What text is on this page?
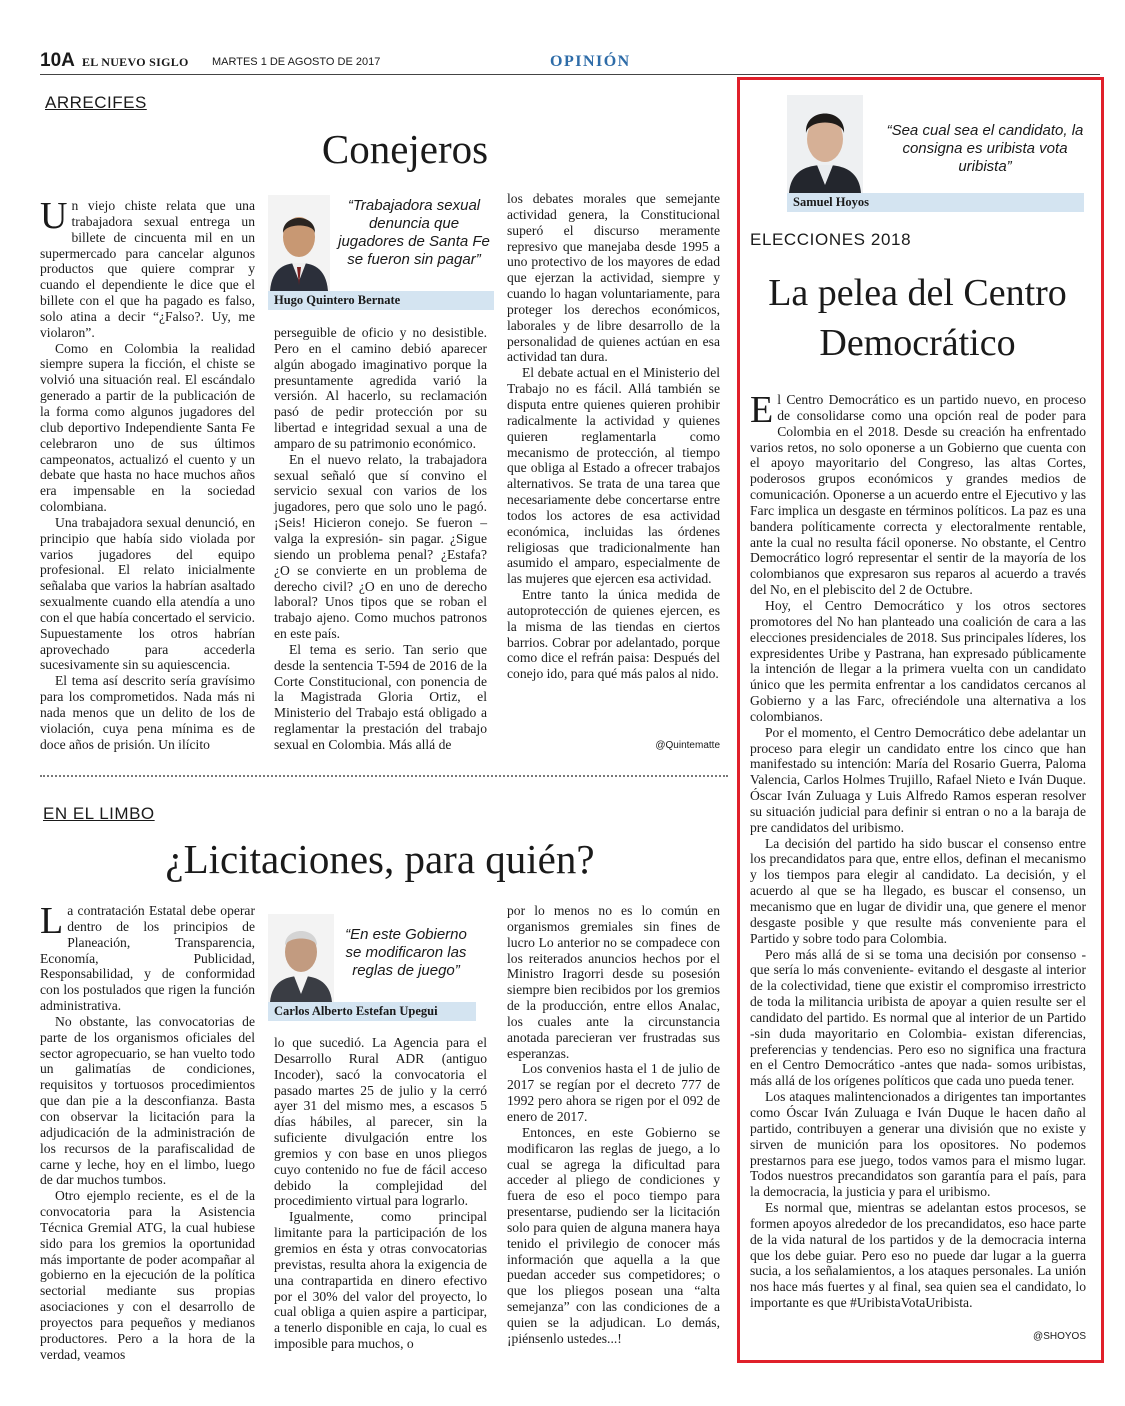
10A EL NUEVO SIGLO MARTES 1 DE AGOSTO DE 2017	OPINIÓN
ARRECIFES
Conejeros

Un viejo chiste relata que una trabajadora sexual entrega un billete de cincuenta mil en un supermercado para cancelar algunos productos que quiere comprar y cuando el dependiente le dice que el billete con el que ha pagado es falso, solo atina a decir “¿Falso?. Uy, me violaron”.

Como en Colombia la realidad siempre supera la ficción, el chiste se volvió una situación real. El escándalo generado a partir de la publicación de la forma como algunos jugadores del club deportivo Independiente Santa Fe celebraron uno de sus últimos campeonatos, actualizó el cuento y un debate que hasta no hace muchos años era impensable en la sociedad colombiana.

Una trabajadora sexual denunció, en principio que había sido violada por varios jugadores del equipo profesional. El relato inicialmente señalaba que varios la habrían asaltado sexualmente cuando ella atendía a uno con el que había concertado el servicio. Supuestamente los otros habrían aprovechado para accederla sucesivamente sin su aquiescencia.

El tema así descrito sería gravísimo para los comprometidos. Nada más ni nada menos que un delito de los de violación, cuya pena mínima es de doce años de prisión. Un ilícito

“Trabajadora sexual denuncia que jugadores de Santa Fe se fueron sin pagar”
Hugo Quintero Bernate

perseguible de oficio y no desistible. Pero en el camino debió aparecer algún abogado imaginativo porque la presuntamente agredida varió la versión. Al hacerlo, su reclamación pasó de pedir protección por su libertad e integridad sexual a una de amparo de su patrimonio económico.

En el nuevo relato, la trabajadora sexual señaló que sí convino el servicio sexual con varios de los jugadores, pero que solo uno le pagó. ¡Seis! Hicieron conejo. Se fueron –valga la expresión- sin pagar. ¿Sigue siendo un problema penal? ¿Estafa? ¿O se convierte en un problema de derecho civil? ¿O en uno de derecho laboral? Unos tipos que se roban el trabajo ajeno. Como muchos patronos en este país.

El tema es serio. Tan serio que desde la sentencia T-594 de 2016 de la Corte Constitucional, con ponencia de la Magistrada Gloria Ortiz, el Ministerio del Trabajo está obligado a reglamentar la prestación del trabajo sexual en Colombia. Más allá de

los debates morales que semejante actividad genera, la Constitucional superó el discurso meramente represivo que manejaba desde 1995 a uno protectivo de los mayores de edad que ejerzan la actividad, siempre y cuando lo hagan voluntariamente, para proteger los derechos económicos, laborales y de libre desarrollo de la personalidad de quienes actúan en esa actividad tan dura.

El debate actual en el Ministerio del Trabajo no es fácil. Allá también se disputa entre quienes quieren prohibir radicalmente la actividad y quienes quieren reglamentarla como mecanismo de protección, al tiempo que obliga al Estado a ofrecer trabajos alternativos. Se trata de una tarea que necesariamente debe concertarse entre todos los actores de esa actividad económica, incluidas las órdenes religiosas que tradicionalmente han asumido el amparo, especialmente de las mujeres que ejercen esa actividad.

Entre tanto la única medida de autoprotección de quienes ejercen, es la misma de las tiendas en ciertos barrios. Cobrar por adelantado, porque como dice el refrán paisa: Después del conejo ido, para qué más palos al nido.

@Quintematte
EN EL LIMBO
¿Licitaciones, para quién?

La contratación Estatal debe operar dentro de los principios de Planeación, Transparencia, Economía, Publicidad, Responsabilidad, y de conformidad con los postulados que rigen la función administrativa.

No obstante, las convocatorias de parte de los organismos oficiales del sector agropecuario, se han vuelto todo un galimatías de condiciones, requisitos y tortuosos procedimientos que dan pie a la desconfianza. Basta con observar la licitación para la adjudicación de la administración de los recursos de la parafiscalidad de carne y leche, hoy en el limbo, luego de dar muchos tumbos.

Otro ejemplo reciente, es el de la convocatoria para la Asistencia Técnica Gremial ATG, la cual hubiese sido para los gremios la oportunidad más importante de poder acompañar al gobierno en la ejecución de la política sectorial mediante sus propias asociaciones y con el desarrollo de proyectos para pequeños y medianos productores. Pero a la hora de la verdad, veamos

“En este Gobierno se modificaron las reglas de juego”
Carlos Alberto Estefan Upegui

lo que sucedió. La Agencia para el Desarrollo Rural ADR (antiguo Incoder), sacó la convocatoria el pasado martes 25 de julio y la cerró ayer 31 del mismo mes, a escasos 5 días hábiles, al parecer, sin la suficiente divulgación entre los gremios y con base en unos pliegos cuyo contenido no fue de fácil acceso debido la complejidad del procedimiento virtual para lograrlo.

Igualmente, como principal limitante para la participación de los gremios en ésta y otras convocatorias previstas, resulta ahora la exigencia de una contrapartida en dinero efectivo por el 30% del valor del proyecto, lo cual obliga a quien aspire a participar, a tenerlo disponible en caja, lo cual es imposible para muchos, o

por lo menos no es lo común en organismos gremiales sin fines de lucro Lo anterior no se compadece con los reiterados anuncios hechos por el Ministro Iragorri desde su posesión siempre bien recibidos por los gremios de la producción, entre ellos Analac, los cuales ante la circunstancia anotada parecieran ver frustradas sus esperanzas.

Los convenios hasta el 1 de julio de 2017 se regían por el decreto 777 de 1992 pero ahora se rigen por el 092 de enero de 2017.

Entonces, en este Gobierno se modificaron las reglas de juego, a lo cual se agrega la dificultad para acceder al pliego de condiciones y fuera de eso el poco tiempo para presentarse, pudiendo ser la licitación solo para quien de alguna manera haya tenido el privilegio de conocer más información que aquella a la que puedan acceder sus competidores; o que los pliegos posean una “alta semejanza” con las condiciones de a quien se la adjudican. Lo demás, ¡piénsenlo ustedes...!

“Sea cual sea el candidato, la consigna es uribista vota uribista”
Samuel Hoyos
ELECCIONES 2018
La pelea del Centro Democrático

El Centro Democrático es un partido nuevo, en proceso de consolidarse como una opción real de poder para Colombia en el 2018. Desde su creación ha enfrentado varios retos, no solo oponerse a un Gobierno que cuenta con el apoyo mayoritario del Congreso, las altas Cortes, poderosos grupos económicos y grandes medios de comunicación. Oponerse a un acuerdo entre el Ejecutivo y las Farc implica un desgaste en términos políticos. La paz es una bandera políticamente correcta y electoralmente rentable, ante la cual no resulta fácil oponerse. No obstante, el Centro Democrático logró representar el sentir de la mayoría de los colombianos que expresaron sus reparos al acuerdo a través del No, en el plebiscito del 2 de Octubre.

Hoy, el Centro Democrático y los otros sectores promotores del No han planteado una coalición de cara a las elecciones presidenciales de 2018. Sus principales líderes, los expresidentes Uribe y Pastrana, han expresado públicamente la intención de llegar a la primera vuelta con un candidato único que les permita enfrentar a los candidatos cercanos al Gobierno y a las Farc, ofreciéndole una alternativa a los colombianos.

Por el momento, el Centro Democrático debe adelantar un proceso para elegir un candidato entre los cinco que han manifestado su intención: María del Rosario Guerra, Paloma Valencia, Carlos Holmes Trujillo, Rafael Nieto e Iván Duque. Óscar Iván Zuluaga y Luis Alfredo Ramos esperan resolver su situación judicial para definir si entran o no a la baraja de pre candidatos del uribismo.

La decisión del partido ha sido buscar el consenso entre los precandidatos para que, entre ellos, definan el mecanismo y los tiempos para elegir al candidato. La decisión, y el acuerdo al que se ha llegado, es buscar el consenso, un mecanismo que en lugar de dividir una, que genere el menor desgaste posible y que resulte más conveniente para el Partido y sobre todo para Colombia.

Pero más allá de si se toma una decisión por consenso -que sería lo más conveniente- evitando el desgaste al interior de la colectividad, tiene que existir el compromiso irrestricto de toda la militancia uribista de apoyar a quien resulte ser el candidato del partido. Es normal que al interior de un Partido -sin duda mayoritario en Colombia- existan diferencias, preferencias y tendencias. Pero eso no significa una fractura en el Centro Democrático -antes que nada- somos uribistas, más allá de los orígenes políticos que cada uno pueda tener.

Los ataques malintencionados a dirigentes tan importantes como Óscar Iván Zuluaga e Iván Duque le hacen daño al partido, contribuyen a generar una división que no existe y sirven de munición para los opositores. No podemos prestarnos para ese juego, todos vamos para el mismo lugar. Todos nuestros precandidatos son garantía para el país, para la democracia, la justicia y para el uribismo.

Es normal que, mientras se adelantan estos procesos, se formen apoyos alrededor de los precandidatos, eso hace parte de la vida natural de los partidos y de la democracia interna que los debe guiar. Pero eso no puede dar lugar a la guerra sucia, a los señalamientos, a los ataques personales. La unión nos hace más fuertes y al final, sea quien sea el candidato, lo importante es que #UribistaVotaUribista.

@SHOYOS
